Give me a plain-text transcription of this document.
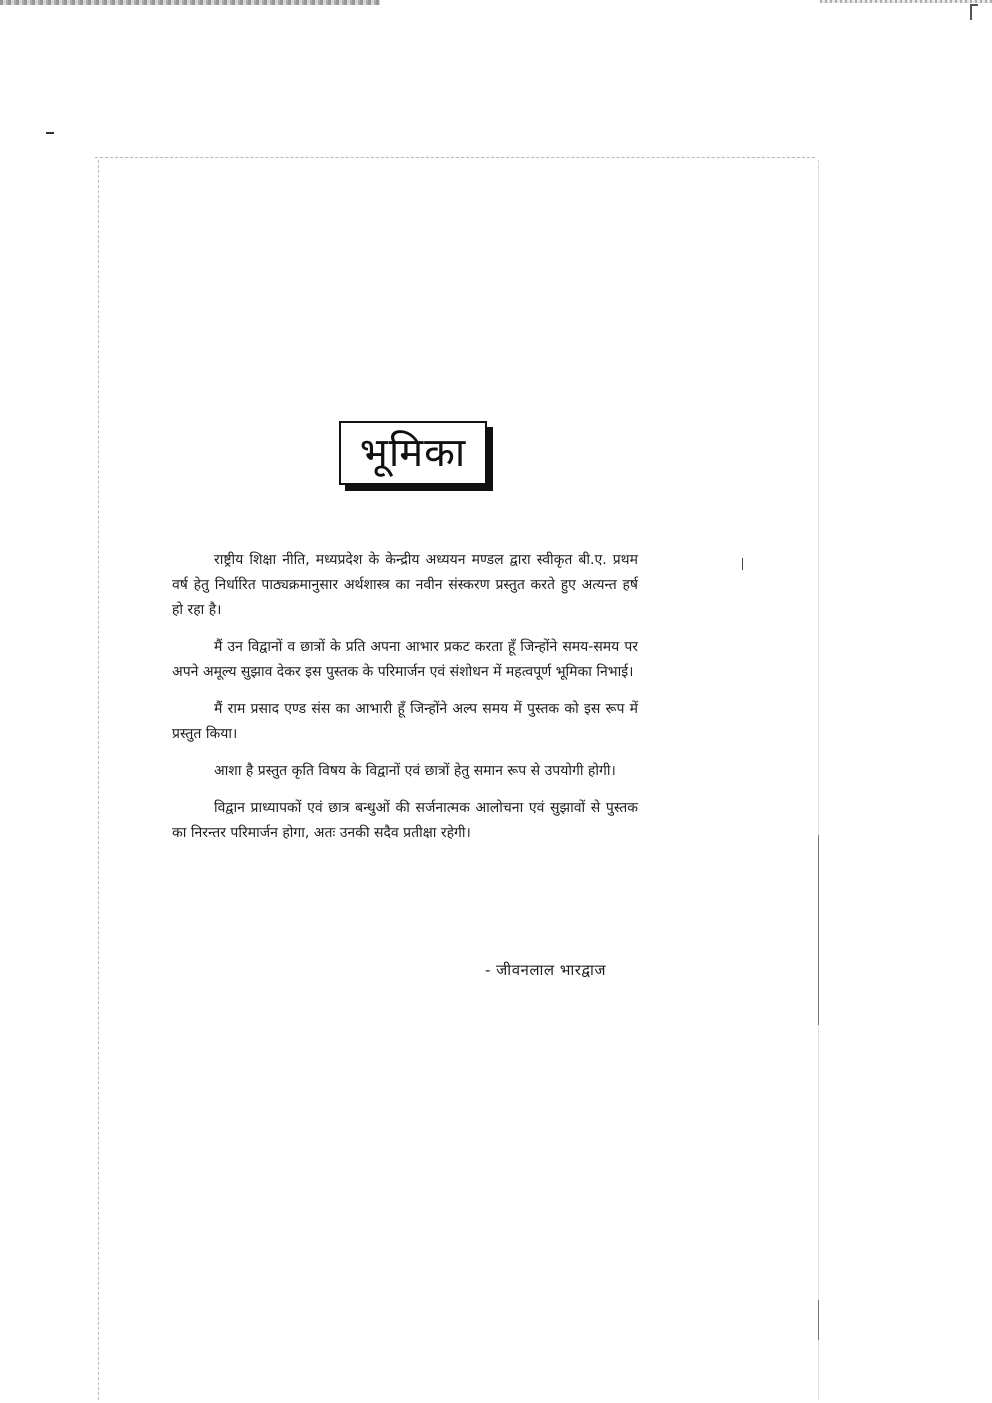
भूमिका

राष्ट्रीय शिक्षा नीति, मध्यप्रदेश के केन्द्रीय अध्ययन मण्डल द्वारा स्वीकृत बी.ए. प्रथम वर्ष हेतु निर्धारित पाठ्यक्रमानुसार अर्थशास्त्र का नवीन संस्करण प्रस्तुत करते हुए अत्यन्त हर्ष हो रहा है।

मैं उन विद्वानों व छात्रों के प्रति अपना आभार प्रकट करता हूँ जिन्होंने समय-समय पर अपने अमूल्य सुझाव देकर इस पुस्तक के परिमार्जन एवं संशोधन में महत्वपूर्ण भूमिका निभाई।

मैं राम प्रसाद एण्ड संस का आभारी हूँ जिन्होंने अल्प समय में पुस्तक को इस रूप में प्रस्तुत किया।

आशा है प्रस्तुत कृति विषय के विद्वानों एवं छात्रों हेतु समान रूप से उपयोगी होगी।

विद्वान प्राध्यापकों एवं छात्र बन्धुओं की सर्जनात्मक आलोचना एवं सुझावों से पुस्तक का निरन्तर परिमार्जन होगा, अतः उनकी सदैव प्रतीक्षा रहेगी।

- जीवनलाल भारद्वाज
